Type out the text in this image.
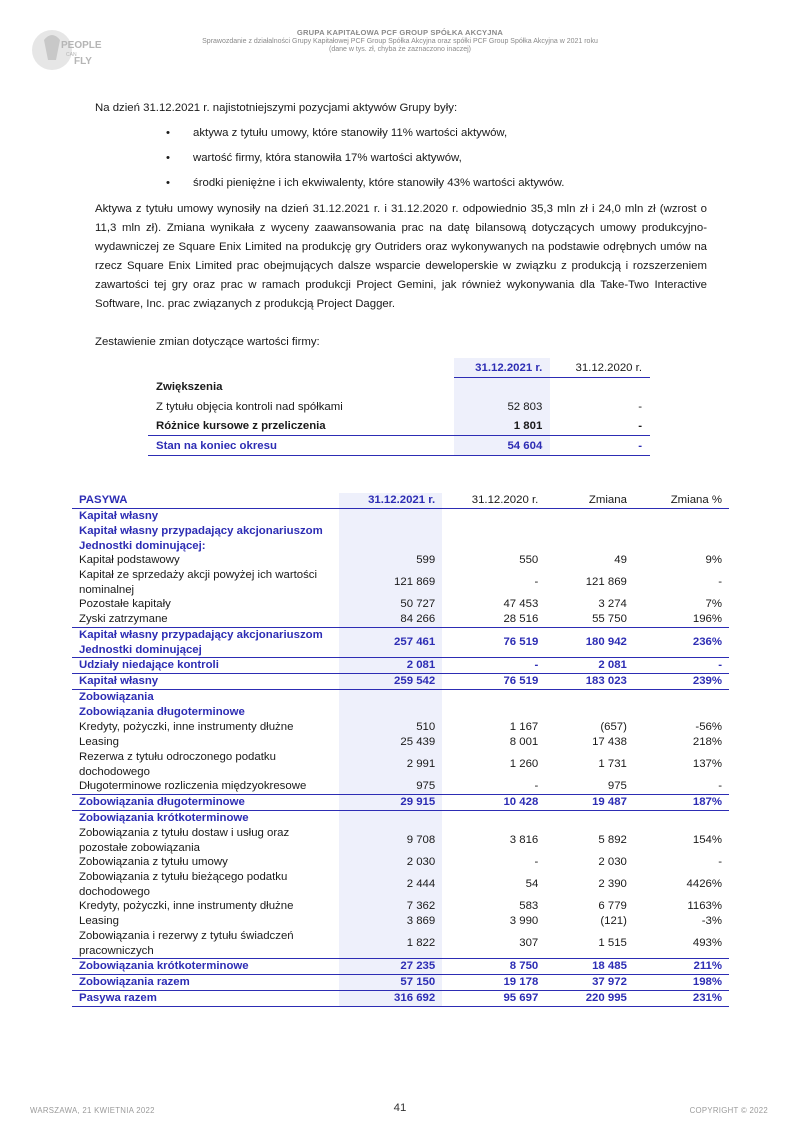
PEOPLE
CAN
FLY
GRUPA KAPITAŁOWA PCF GROUP SPÓŁKA AKCYJNA
Sprawozdanie z działalności Grupy Kapitałowej PCF Group Spółka Akcyjna oraz spółki PCF Group Spółka Akcyjna w 2021 roku
(dane w tys. zł, chyba że zaznaczono inaczej)
Na dzień 31.12.2021 r. najistotniejszymi pozycjami aktywów Grupy były:
• aktywa z tytułu umowy, które stanowiły 11% wartości aktywów,
• wartość firmy, która stanowiła 17% wartości aktywów,
• środki pieniężne i ich ekwiwalenty, które stanowiły 43% wartości aktywów.
Aktywa z tytułu umowy wynosiły na dzień 31.12.2021 r. i 31.12.2020 r. odpowiednio 35,3 mln zł i 24,0 mln zł (wzrost o 11,3 mln zł). Zmiana wynikała z wyceny zaawansowania prac na datę bilansową dotyczących umowy produkcyjno-wydawniczej ze Square Enix Limited na produkcję gry Outriders oraz wykonywanych na podstawie odrębnych umów na rzecz Square Enix Limited prac obejmujących dalsze wsparcie deweloperskie w związku z produkcją i rozszerzeniem zawartości tej gry oraz prac w ramach produkcji Project Gemini, jak również wykonywania dla Take-Two Interactive Software, Inc. prac związanych z produkcją Project Dagger.
Zestawienie zmian dotyczące wartości firmy:
	31.12.2021 r.	31.12.2020 r.
Zwiększenia		
Z tytułu objęcia kontroli nad spółkami	52 803	-
Różnice kursowe z przeliczenia	1 801	-
Stan na koniec okresu	54 604	-
PASYWA	31.12.2021 r.	31.12.2020 r.	Zmiana	Zmiana %
Kapitał własny				
Kapitał własny przypadający akcjonariuszom Jednostki dominującej:				
Kapitał podstawowy	599	550	49	9%
Kapitał ze sprzedaży akcji powyżej ich wartości nominalnej	121 869	-	121 869	-
Pozostałe kapitały	50 727	47 453	3 274	7%
Zyski zatrzymane	84 266	28 516	55 750	196%
Kapitał własny przypadający akcjonariuszom Jednostki dominującej	257 461	76 519	180 942	236%
Udziały niedające kontroli	2 081	-	2 081	-
Kapitał własny	259 542	76 519	183 023	239%
Zobowiązania				
Zobowiązania długoterminowe				
Kredyty, pożyczki, inne instrumenty dłużne	510	1 167	(657)	-56%
Leasing	25 439	8 001	17 438	218%
Rezerwa z tytułu odroczonego podatku dochodowego	2 991	1 260	1 731	137%
Długoterminowe rozliczenia międzyokresowe	975	-	975	-
Zobowiązania długoterminowe	29 915	10 428	19 487	187%
Zobowiązania krótkoterminowe				
Zobowiązania z tytułu dostaw i usług oraz pozostałe zobowiązania	9 708	3 816	5 892	154%
Zobowiązania z tytułu umowy	2 030	-	2 030	-
Zobowiązania z tytułu bieżącego podatku dochodowego	2 444	54	2 390	4426%
Kredyty, pożyczki, inne instrumenty dłużne	7 362	583	6 779	1163%
Leasing	3 869	3 990	(121)	-3%
Zobowiązania i rezerwy z tytułu świadczeń pracowniczych	1 822	307	1 515	493%
Zobowiązania krótkoterminowe	27 235	8 750	18 485	211%
Zobowiązania razem	57 150	19 178	37 972	198%
Pasywa razem	316 692	95 697	220 995	231%
WARSZAWA, 21 KWIETNIA 2022	41	COPYRIGHT © 2022
